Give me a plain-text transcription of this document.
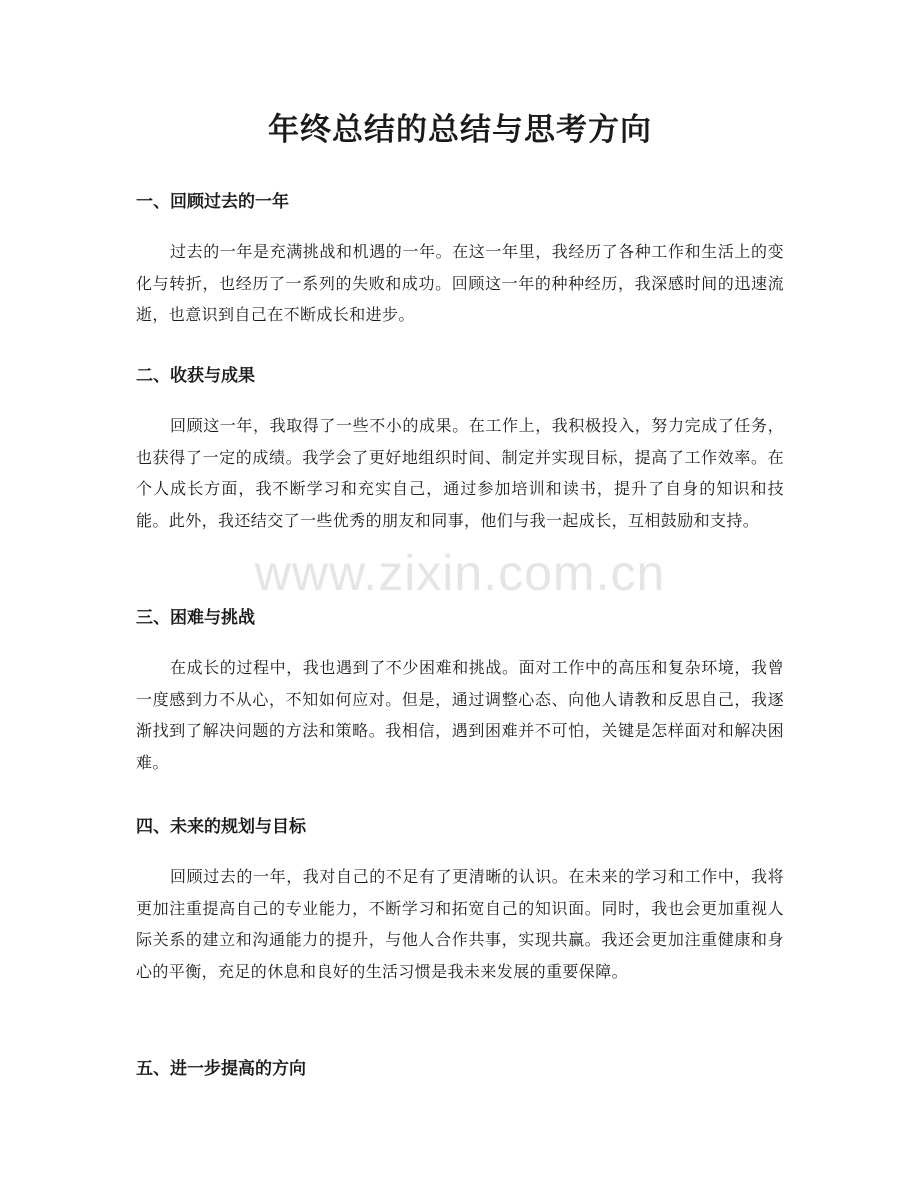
年终总结的总结与思考方向
一、回顾过去的一年

过去的一年是充满挑战和机遇的一年。在这一年里，我经历了各种工作和生活上的变化与转折，也经历了一系列的失败和成功。回顾这一年的种种经历，我深感时间的迅速流逝，也意识到自己在不断成长和进步。

二、收获与成果

回顾这一年，我取得了一些不小的成果。在工作上，我积极投入，努力完成了任务，也获得了一定的成绩。我学会了更好地组织时间、制定并实现目标，提高了工作效率。在个人成长方面，我不断学习和充实自己，通过参加培训和读书，提升了自身的知识和技能。此外，我还结交了一些优秀的朋友和同事，他们与我一起成长，互相鼓励和支持。

三、困难与挑战

在成长的过程中，我也遇到了不少困难和挑战。面对工作中的高压和复杂环境，我曾一度感到力不从心，不知如何应对。但是，通过调整心态、向他人请教和反思自己，我逐渐找到了解决问题的方法和策略。我相信，遇到困难并不可怕，关键是怎样面对和解决困难。

四、未来的规划与目标

回顾过去的一年，我对自己的不足有了更清晰的认识。在未来的学习和工作中，我将更加注重提高自己的专业能力，不断学习和拓宽自己的知识面。同时，我也会更加重视人际关系的建立和沟通能力的提升，与他人合作共事，实现共赢。我还会更加注重健康和身心的平衡，充足的休息和良好的生活习惯是我未来发展的重要保障。

五、进一步提高的方向
www.zixin.com.cn
